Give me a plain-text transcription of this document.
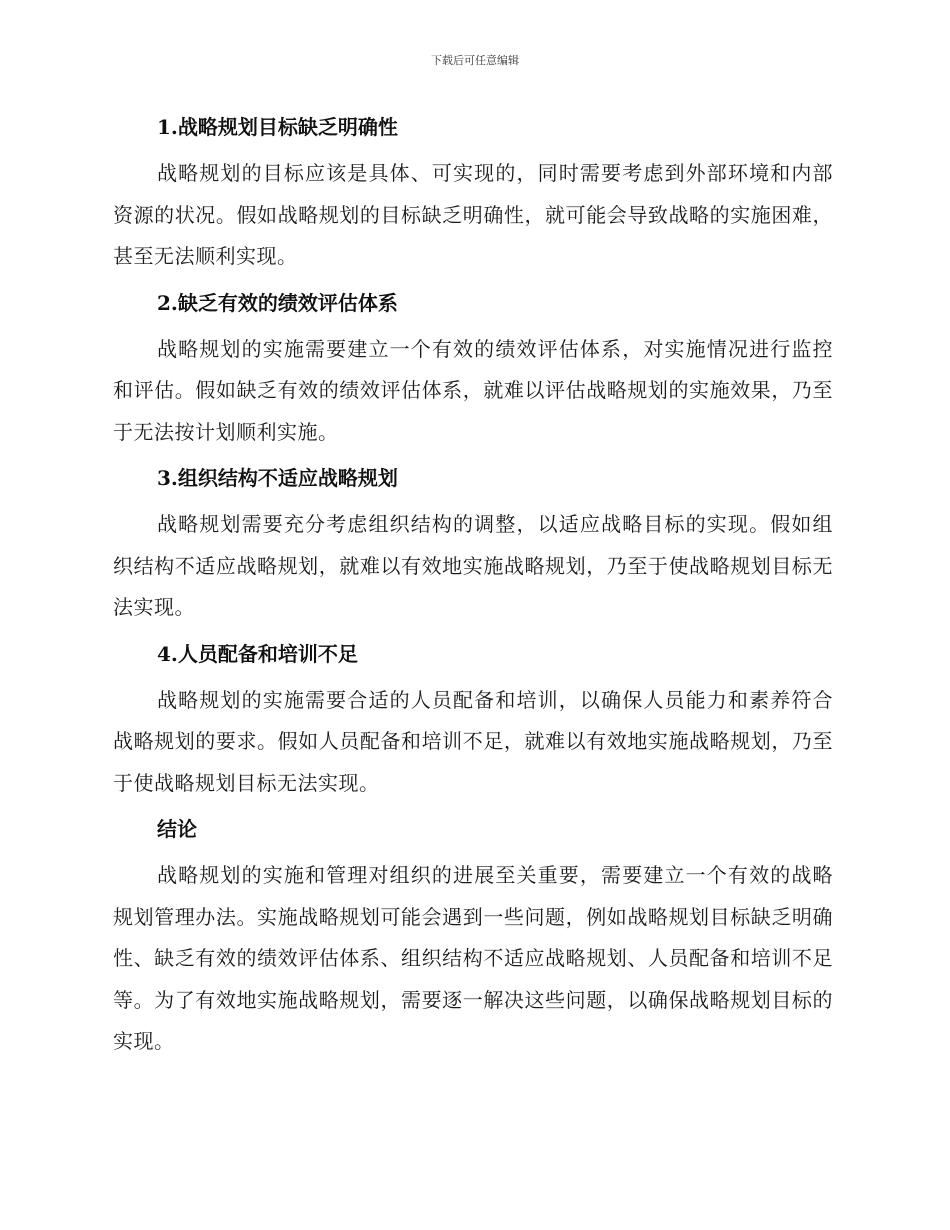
下载后可任意编辑
1.战略规划目标缺乏明确性
战略规划的目标应该是具体、可实现的，同时需要考虑到外部环境和内部资源的状况。假如战略规划的目标缺乏明确性，就可能会导致战略的实施困难，甚至无法顺利实现。
2.缺乏有效的绩效评估体系
战略规划的实施需要建立一个有效的绩效评估体系，对实施情况进行监控和评估。假如缺乏有效的绩效评估体系，就难以评估战略规划的实施效果，乃至于无法按计划顺利实施。
3.组织结构不适应战略规划
战略规划需要充分考虑组织结构的调整，以适应战略目标的实现。假如组织结构不适应战略规划，就难以有效地实施战略规划，乃至于使战略规划目标无法实现。
4.人员配备和培训不足
战略规划的实施需要合适的人员配备和培训，以确保人员能力和素养符合战略规划的要求。假如人员配备和培训不足，就难以有效地实施战略规划，乃至于使战略规划目标无法实现。
结论
战略规划的实施和管理对组织的进展至关重要，需要建立一个有效的战略规划管理办法。实施战略规划可能会遇到一些问题，例如战略规划目标缺乏明确性、缺乏有效的绩效评估体系、组织结构不适应战略规划、人员配备和培训不足等。为了有效地实施战略规划，需要逐一解决这些问题，以确保战略规划目标的实现。
